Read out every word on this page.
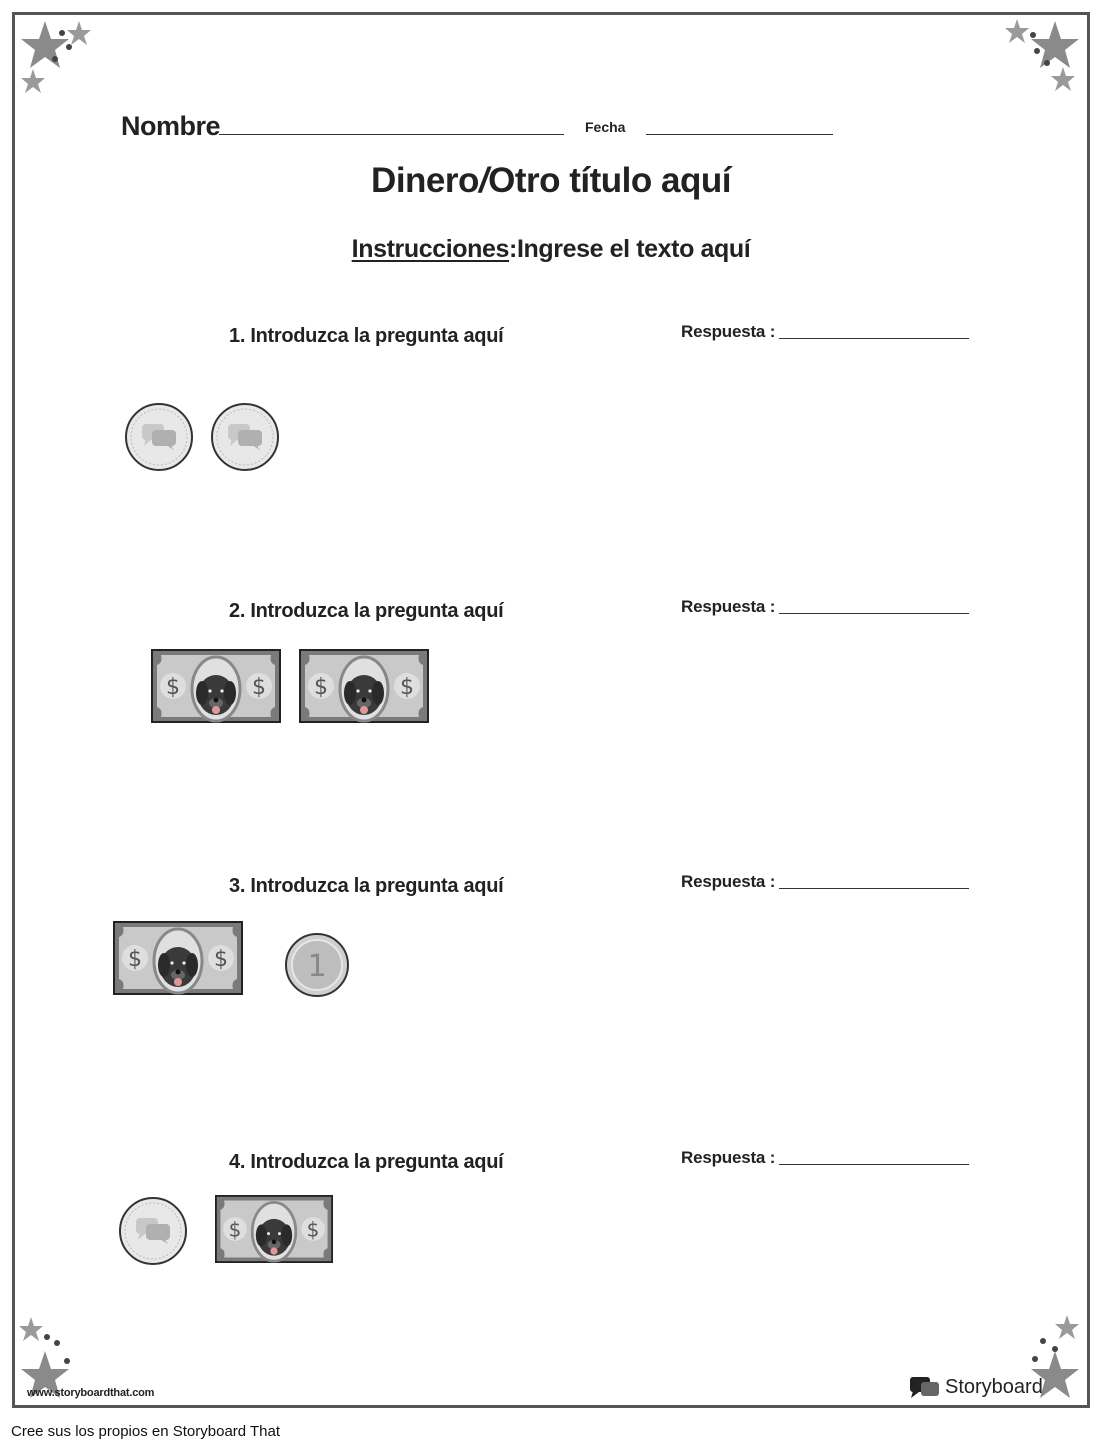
Nombre	Fecha
Dinero/Otro título aquí
Instrucciones:Ingrese el texto aquí
1. Introduzca la pregunta aquí	Respuesta :
2. Introduzca la pregunta aquí	Respuesta :
$	$ $	$
3. Introduzca la pregunta aquí	Respuesta :
$	$	1
4. Introduzca la pregunta aquí	Respuesta :
$	$
www.storyboardthat.com	Storyboard
Cree sus los propios en Storyboard That
